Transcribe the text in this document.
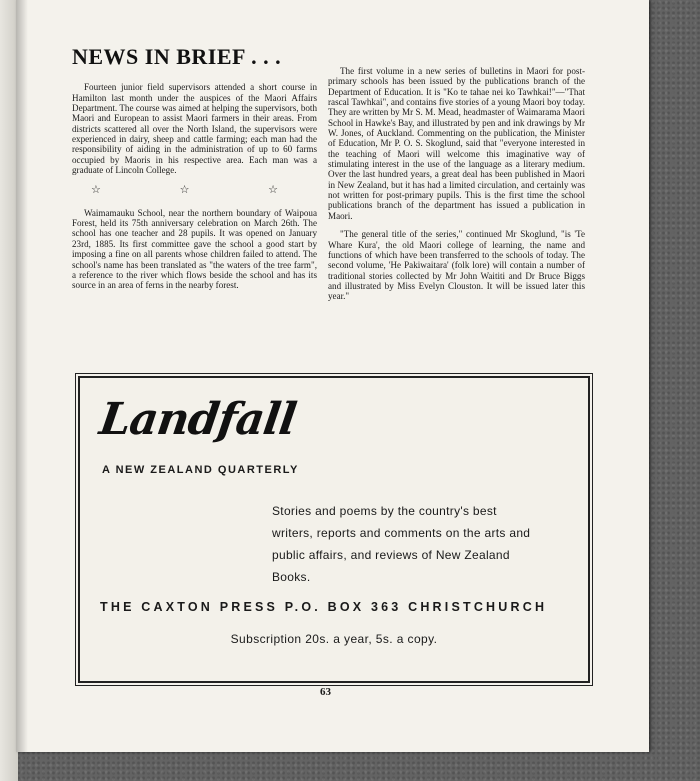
NEWS IN BRIEF . . .

Fourteen junior field supervisors attended a short course in Hamilton last month under the auspices of the Maori Affairs Department. The course was aimed at helping the supervisors, both Maori and European to assist Maori farmers in their areas. From districts scattered all over the North Island, the supervisors were experienced in dairy, sheep and cattle farming; each man had the responsibility of aiding in the administration of up to 60 farms occupied by Maoris in his respective area. Each man was a graduate of Lincoln College.

☆ ☆ ☆

Waimamauku School, near the northern boundary of Waipoua Forest, held its 75th anniversary celebration on March 26th. The school has one teacher and 28 pupils. It was opened on January 23rd, 1885. Its first committee gave the school a good start by imposing a fine on all parents whose children failed to attend. The school's name has been translated as "the waters of the tree farm", a reference to the river which flows beside the school and has its source in an area of ferns in the nearby forest.

The first volume in a new series of bulletins in Maori for post-primary schools has been issued by the publications branch of the Department of Education. It is "Ko te tahae nei ko Tawhkai!"—"That rascal Tawhkai", and contains five stories of a young Maori boy today. They are written by Mr S. M. Mead, headmaster of Waimarama Maori School in Hawke's Bay, and illustrated by pen and ink drawings by Mr W. Jones, of Auckland. Commenting on the publication, the Minister of Education, Mr P. O. S. Skoglund, said that "everyone interested in the teaching of Maori will welcome this imaginative way of stimulating interest in the use of the language as a literary medium. Over the last hundred years, a great deal has been published in Maori in New Zealand, but it has had a limited circulation, and certainly was not written for post-primary pupils. This is the first time the school publications branch of the department has issued a publication in Maori.

"The general title of the series," continued Mr Skoglund, "is 'Te Whare Kura', the old Maori college of learning, the name and functions of which have been transferred to the schools of today. The second volume, 'He Pakiwaitara' (folk lore) will contain a number of traditional stories collected by Mr John Waititi and Dr Bruce Biggs and illustrated by Miss Evelyn Clouston. It will be issued later this year."

Landfall
A NEW ZEALAND QUARTERLY
Stories and poems by the country's best writers, reports and comments on the arts and public affairs, and reviews of New Zealand Books.
THE CAXTON PRESS P.O. BOX 363 CHRISTCHURCH
Subscription 20s. a year, 5s. a copy.
63
